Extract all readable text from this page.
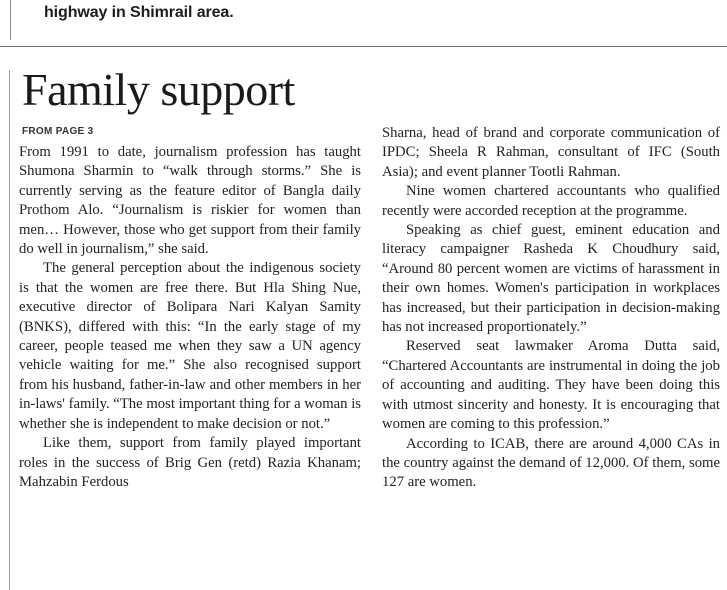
highway in Shimrail area.
Family support
FROM PAGE 3

From 1991 to date, journalism profession has taught Shumona Sharmin to “walk through storms.” She is currently serving as the feature editor of Bangla daily Prothom Alo. “Journalism is riskier for women than men… However, those who get support from their family do well in journalism,” she said.

The general perception about the indigenous society is that the women are free there. But Hla Shing Nue, executive director of Bolipara Nari Kalyan Samity (BNKS), differed with this: “In the early stage of my career, people teased me when they saw a UN agency vehicle waiting for me.” She also recognised support from his husband, father-in-law and other members in her in-laws' family. “The most important thing for a woman is whether she is independent to make decision or not.”

Like them, support from family played important roles in the success of Brig Gen (retd) Razia Khanam; Mahzabin Ferdous

Sharna, head of brand and corporate communication of IPDC; Sheela R Rahman, consultant of IFC (South Asia); and event planner Tootli Rahman.

Nine women chartered accountants who qualified recently were accorded reception at the programme.

Speaking as chief guest, eminent education and literacy campaigner Rasheda K Choudhury said, “Around 80 percent women are victims of harassment in their own homes. Women's participation in workplaces has increased, but their participation in decision-making has not increased proportionately.”

Reserved seat lawmaker Aroma Dutta said, “Chartered Accountants are instrumental in doing the job of accounting and auditing. They have been doing this with utmost sincerity and honesty. It is encouraging that women are coming to this profession.”

According to ICAB, there are around 4,000 CAs in the country against the demand of 12,000. Of them, some 127 are women.
